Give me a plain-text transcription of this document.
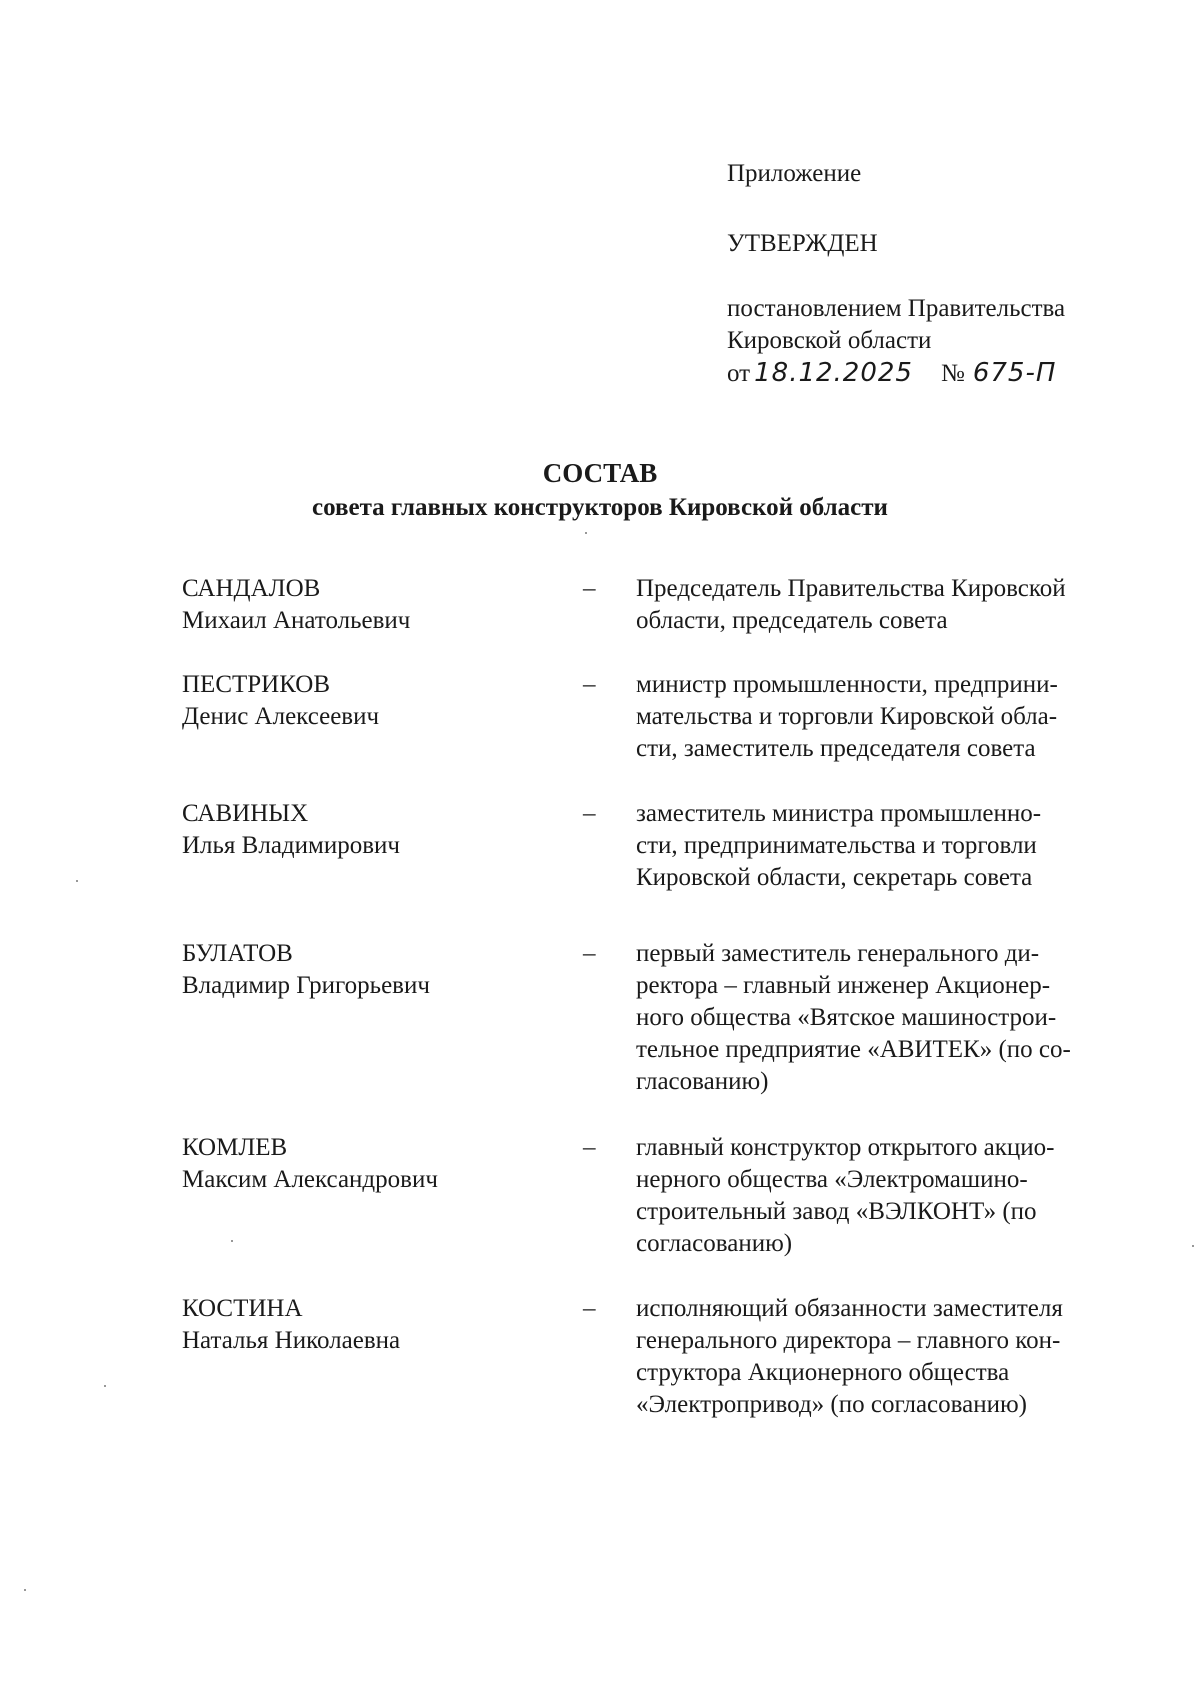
Приложение
УТВЕРЖДЕН
постановлением Правительства
Кировской области
от 18.12.2025 № 675-П
СОСТАВ
совета главных конструкторов Кировской области
САНДАЛОВ
Михаил Анатольевич
– Председатель Правительства Кировской
области, председатель совета
ПЕСТРИКОВ
Денис Алексеевич
– министр промышленности, предприни-
мательства и торговли Кировской обла-
сти, заместитель председателя совета
САВИНЫХ
Илья Владимирович
– заместитель министра промышленно-
сти, предпринимательства и торговли
Кировской области, секретарь совета
БУЛАТОВ
Владимир Григорьевич
– первый заместитель генерального ди-
ректора – главный инженер Акционер-
ного общества «Вятское машинострои-
тельное предприятие «АВИТЕК» (по со-
гласованию)
КОМЛЕВ
Максим Александрович
– главный конструктор открытого акцио-
нерного общества «Электромашино-
строительный завод «ВЭЛКОНТ» (по
согласованию)
КОСТИНА
Наталья Николаевна
– исполняющий обязанности заместителя
генерального директора – главного кон-
структора Акционерного общества
«Электропривод» (по согласованию)
